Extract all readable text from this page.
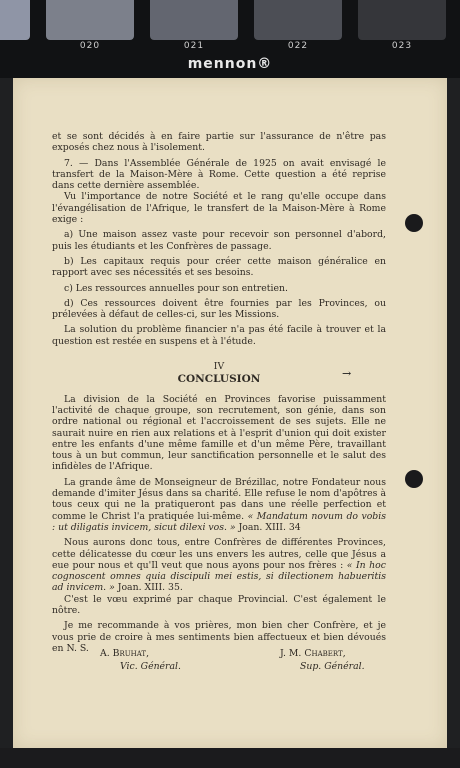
020	021	022	023
mennon®
→

et se sont décidés à en faire partie sur l'assurance de n'être pas exposés chez nous à l'isolement.

7. — Dans l'Assemblée Générale de 1925 on avait envisagé le transfert de la Maison-Mère à Rome. Cette question a été reprise dans cette dernière assemblée.

Vu l'importance de notre Société et le rang qu'elle occupe dans l'évangélisation de l'Afrique, le transfert de la Maison-Mère à Rome exige :

a) Une maison assez vaste pour recevoir son personnel d'abord, puis les étudiants et les Confrères de passage.

b) Les capitaux requis pour créer cette maison généralice en rapport avec ses nécessités et ses besoins.

c) Les ressources annuelles pour son entretien.

d) Ces ressources doivent être fournies par les Provinces, ou prélevées à défaut de celles-ci, sur les Missions.

La solution du problème financier n'a pas été facile à trouver et la question est restée en suspens et à l'étude.

IV

CONCLUSION

La division de la Société en Provinces favorise puissamment l'activité de chaque groupe, son recrutement, son génie, dans son ordre national ou régional et l'accroissement de ses sujets. Elle ne saurait nuire en rien aux relations et à l'esprit d'union qui doit exister entre les enfants d'une même famille et d'un même Père, travaillant tous à un but commun, leur sanctification personnelle et le salut des infidèles de l'Afrique.

La grande âme de Monseigneur de Brézillac, notre Fondateur nous demande d'imiter Jésus dans sa charité. Elle refuse le nom d'apôtres à tous ceux qui ne la pratiqueront pas dans une réelle perfection et comme le Christ l'a pratiquée lui-même. « Mandatum novum do vobis : ut diligatis invicem, sicut dilexi vos. » Joan. XIII. 34

Nous aurons donc tous, entre Confrères de différentes Provinces, cette délicatesse du cœur les uns envers les autres, celle que Jésus a eue pour nous et qu'Il veut que nous ayons pour nos frères : « In hoc cognoscent omnes quia discipuli mei estis, si dilectionem habueritis ad invicem. » Joan. XIII. 35.

C'est le vœu exprimé par chaque Provincial. C'est également le nôtre.

Je me recommande à vos prières, mon bien cher Confrère, et je vous prie de croire à mes sentiments bien affectueux et bien dévoués en N. S.	A. Bruhat,
Vic. Général.
J. M. Chabert,
Sup. Général.
